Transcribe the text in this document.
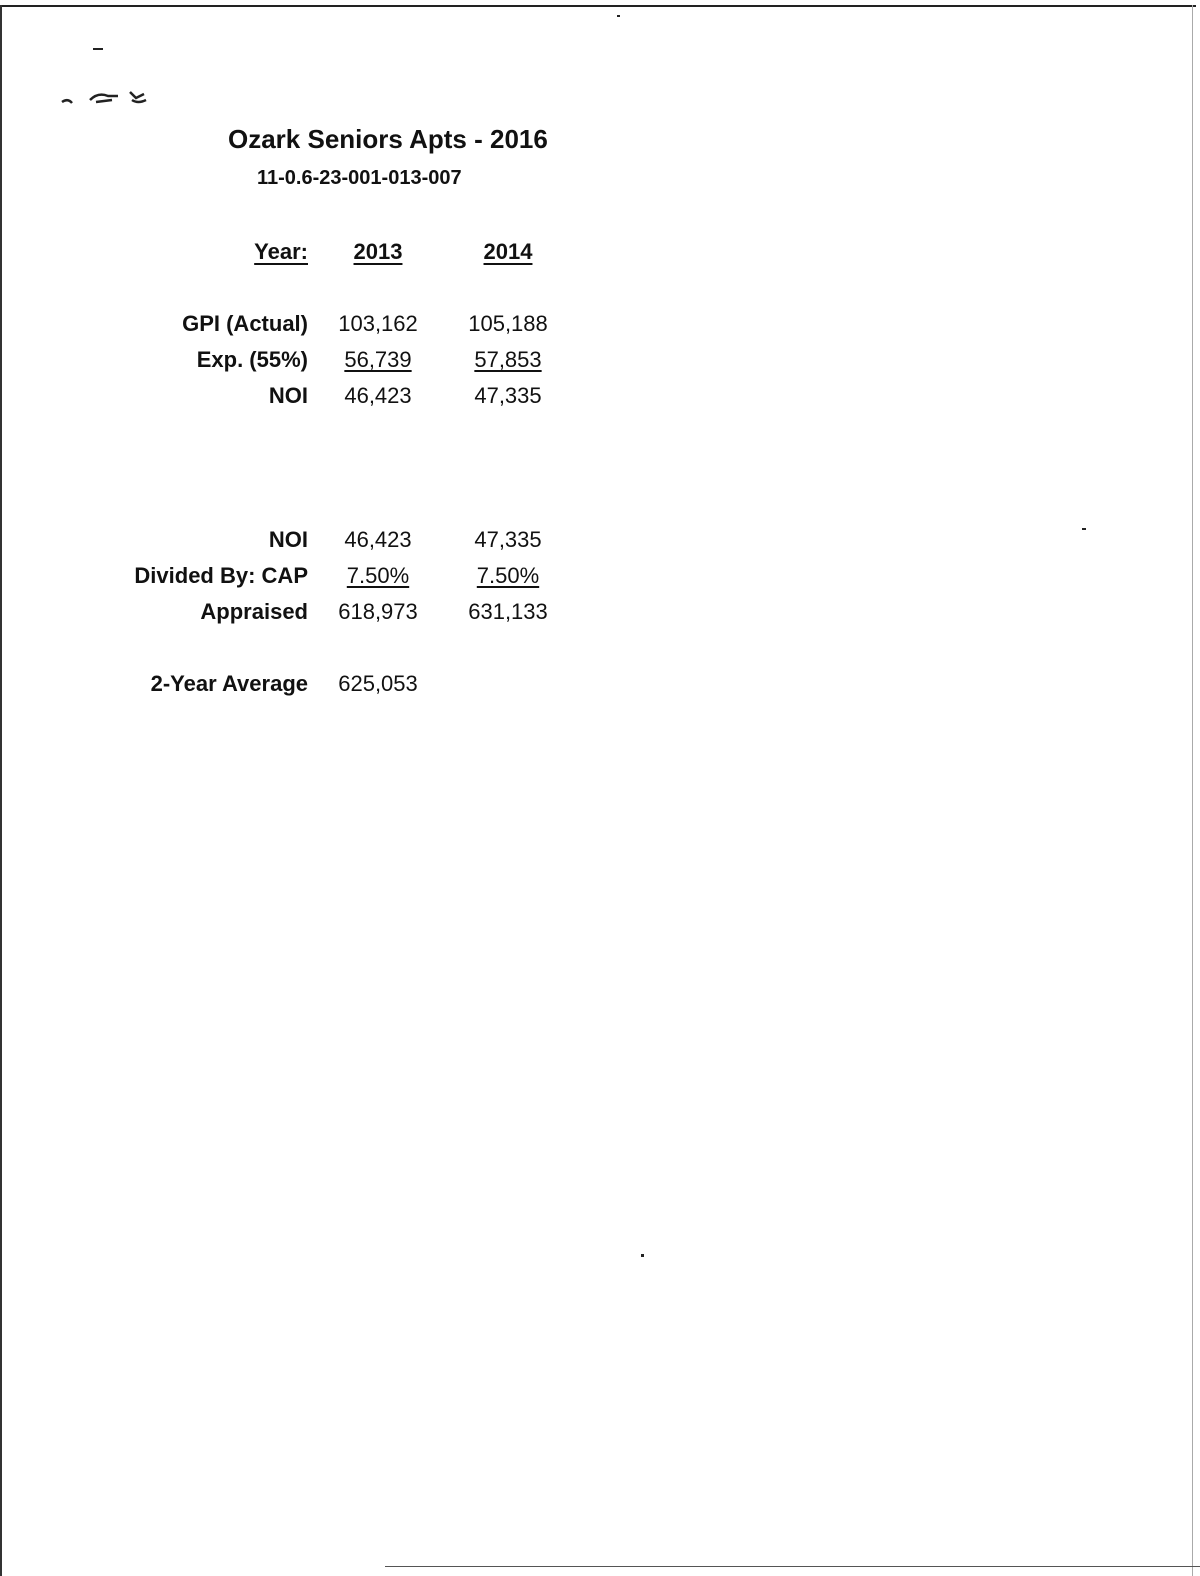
Ozark Seniors Apts - 2016
11-0.6-23-001-013-007
Year:	2013	2014
GPI (Actual)	103,162	105,188
Exp. (55%)	56,739	57,853
NOI	46,423	47,335
NOI	46,423	47,335
Divided By: CAP	7.50%	7.50%
Appraised	618,973	631,133
2-Year Average	625,053
